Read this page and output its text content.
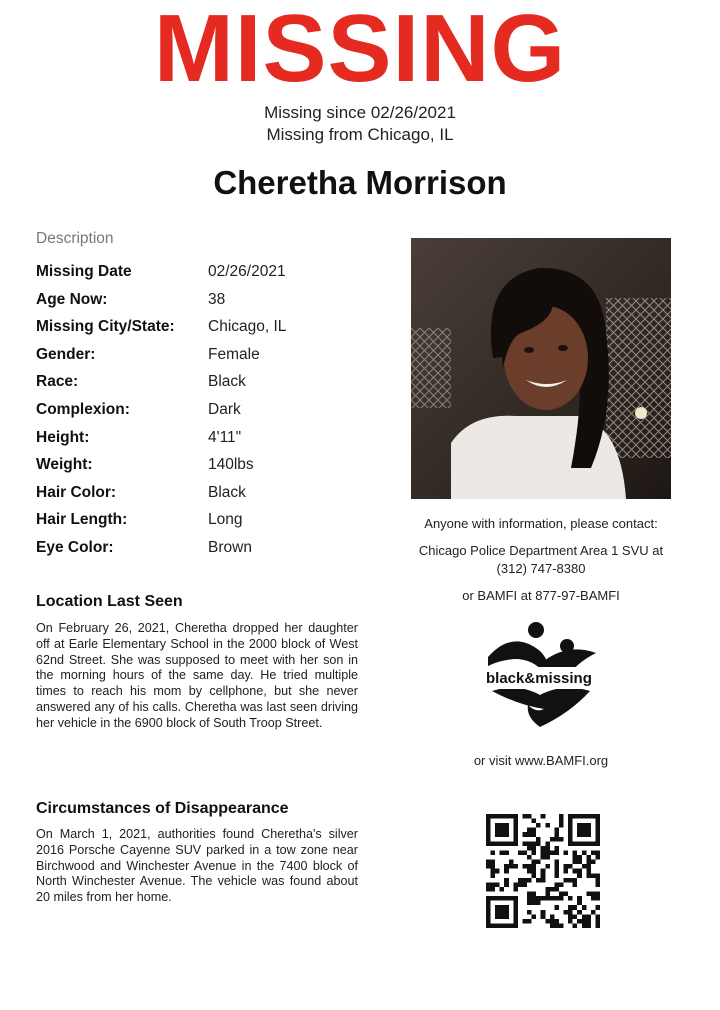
MISSING
Missing since 02/26/2021
Missing from Chicago, IL
Cheretha Morrison
Description
Missing Date	02/26/2021
Age Now:	38
Missing City/State:	Chicago, IL
Gender:	Female
Race:	Black
Complexion:	Dark
Height:	4'11"
Weight:	140lbs
Hair Color:	Black
Hair Length:	Long
Eye Color:	Brown
Location Last Seen
On February 26, 2021, Cheretha dropped her daughter off at Earle Elementary School in the 2000 block of West 62nd Street. She was supposed to meet with her son in the morning hours of the same day. He tried multiple times to reach his mom by cellphone, but she never answered any of his calls. Cheretha was last seen driving her vehicle in the 6900 block of South Troop Street.
Circumstances of Disappearance
On March 1, 2021, authorities found Cheretha's silver 2016 Porsche Cayenne SUV parked in a tow zone near Birchwood and Winchester Avenue in the 7400 block of North Winchester Avenue. The vehicle was found about 20 miles from her home.
Anyone with information, please contact:
Chicago Police Department Area 1 SVU at
(312) 747-8380
or BAMFI at 877-97-BAMFI
black&missing
or visit www.BAMFI.org
